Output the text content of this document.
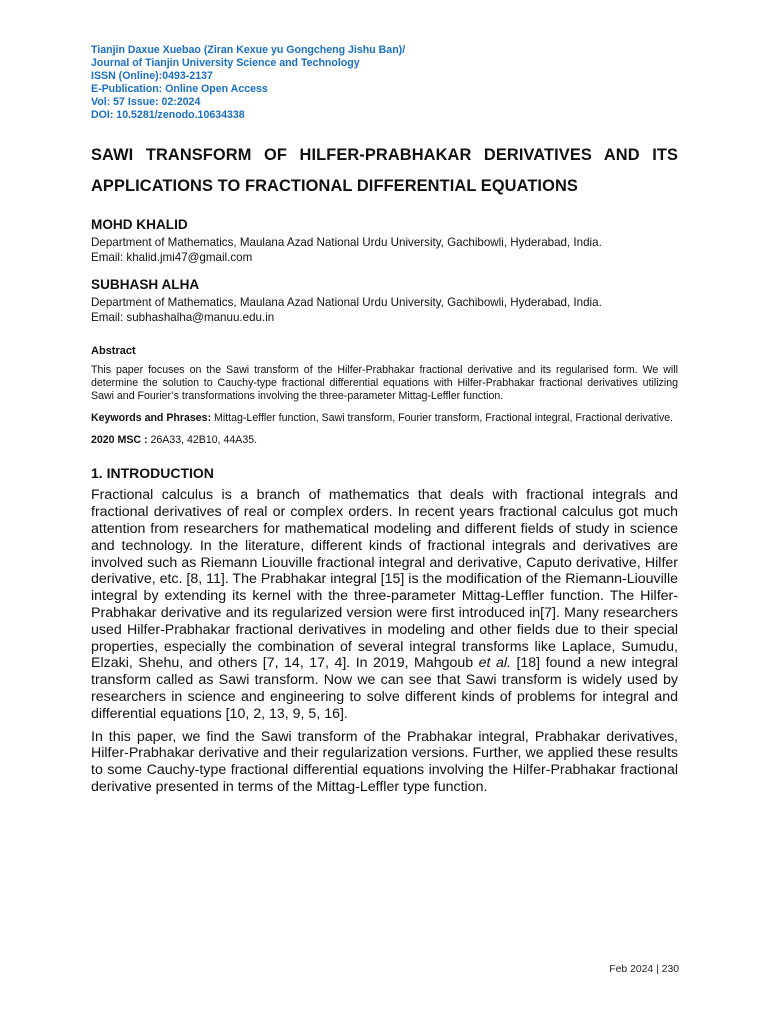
Tianjin Daxue Xuebao (Ziran Kexue yu Gongcheng Jishu Ban)/
Journal of Tianjin University Science and Technology
ISSN (Online):0493-2137
E-Publication: Online Open Access
Vol: 57 Issue: 02:2024
DOI: 10.5281/zenodo.10634338
SAWI TRANSFORM OF HILFER-PRABHAKAR DERIVATIVES AND ITS APPLICATIONS TO FRACTIONAL DIFFERENTIAL EQUATIONS
MOHD KHALID
Department of Mathematics, Maulana Azad National Urdu University, Gachibowli, Hyderabad, India.
Email: khalid.jmi47@gmail.com
SUBHASH ALHA
Department of Mathematics, Maulana Azad National Urdu University, Gachibowli, Hyderabad, India.
Email: subhashalha@manuu.edu.in
Abstract
This paper focuses on the Sawi transform of the Hilfer-Prabhakar fractional derivative and its regularised form. We will determine the solution to Cauchy-type fractional differential equations with Hilfer-Prabhakar fractional derivatives utilizing Sawi and Fourier’s transformations involving the three-parameter Mittag-Leffler function.
Keywords and Phrases: Mittag-Leffler function, Sawi transform, Fourier transform, Fractional integral, Fractional derivative.
2020 MSC : 26A33, 42B10, 44A35.
1. INTRODUCTION
Fractional calculus is a branch of mathematics that deals with fractional integrals and fractional derivatives of real or complex orders. In recent years fractional calculus got much attention from researchers for mathematical modeling and different fields of study in science and technology. In the literature, different kinds of fractional integrals and derivatives are involved such as Riemann Liouville fractional integral and derivative, Caputo derivative, Hilfer derivative, etc. [8, 11]. The Prabhakar integral [15] is the modification of the Riemann-Liouville integral by extending its kernel with the three-parameter Mittag-Leffler function. The Hilfer-Prabhakar derivative and its regularized version were first introduced in[7]. Many researchers used Hilfer-Prabhakar fractional derivatives in modeling and other fields due to their special properties, especially the combination of several integral transforms like Laplace, Sumudu, Elzaki, Shehu, and others [7, 14, 17, 4]. In 2019, Mahgoub et al. [18] found a new integral transform called as Sawi transform. Now we can see that Sawi transform is widely used by researchers in science and engineering to solve different kinds of problems for integral and differential equations [10, 2, 13, 9, 5, 16].
In this paper, we find the Sawi transform of the Prabhakar integral, Prabhakar derivatives, Hilfer-Prabhakar derivative and their regularization versions. Further, we applied these results to some Cauchy-type fractional differential equations involving the Hilfer-Prabhakar fractional derivative presented in terms of the Mittag-Leffler type function.
Feb 2024 | 230
